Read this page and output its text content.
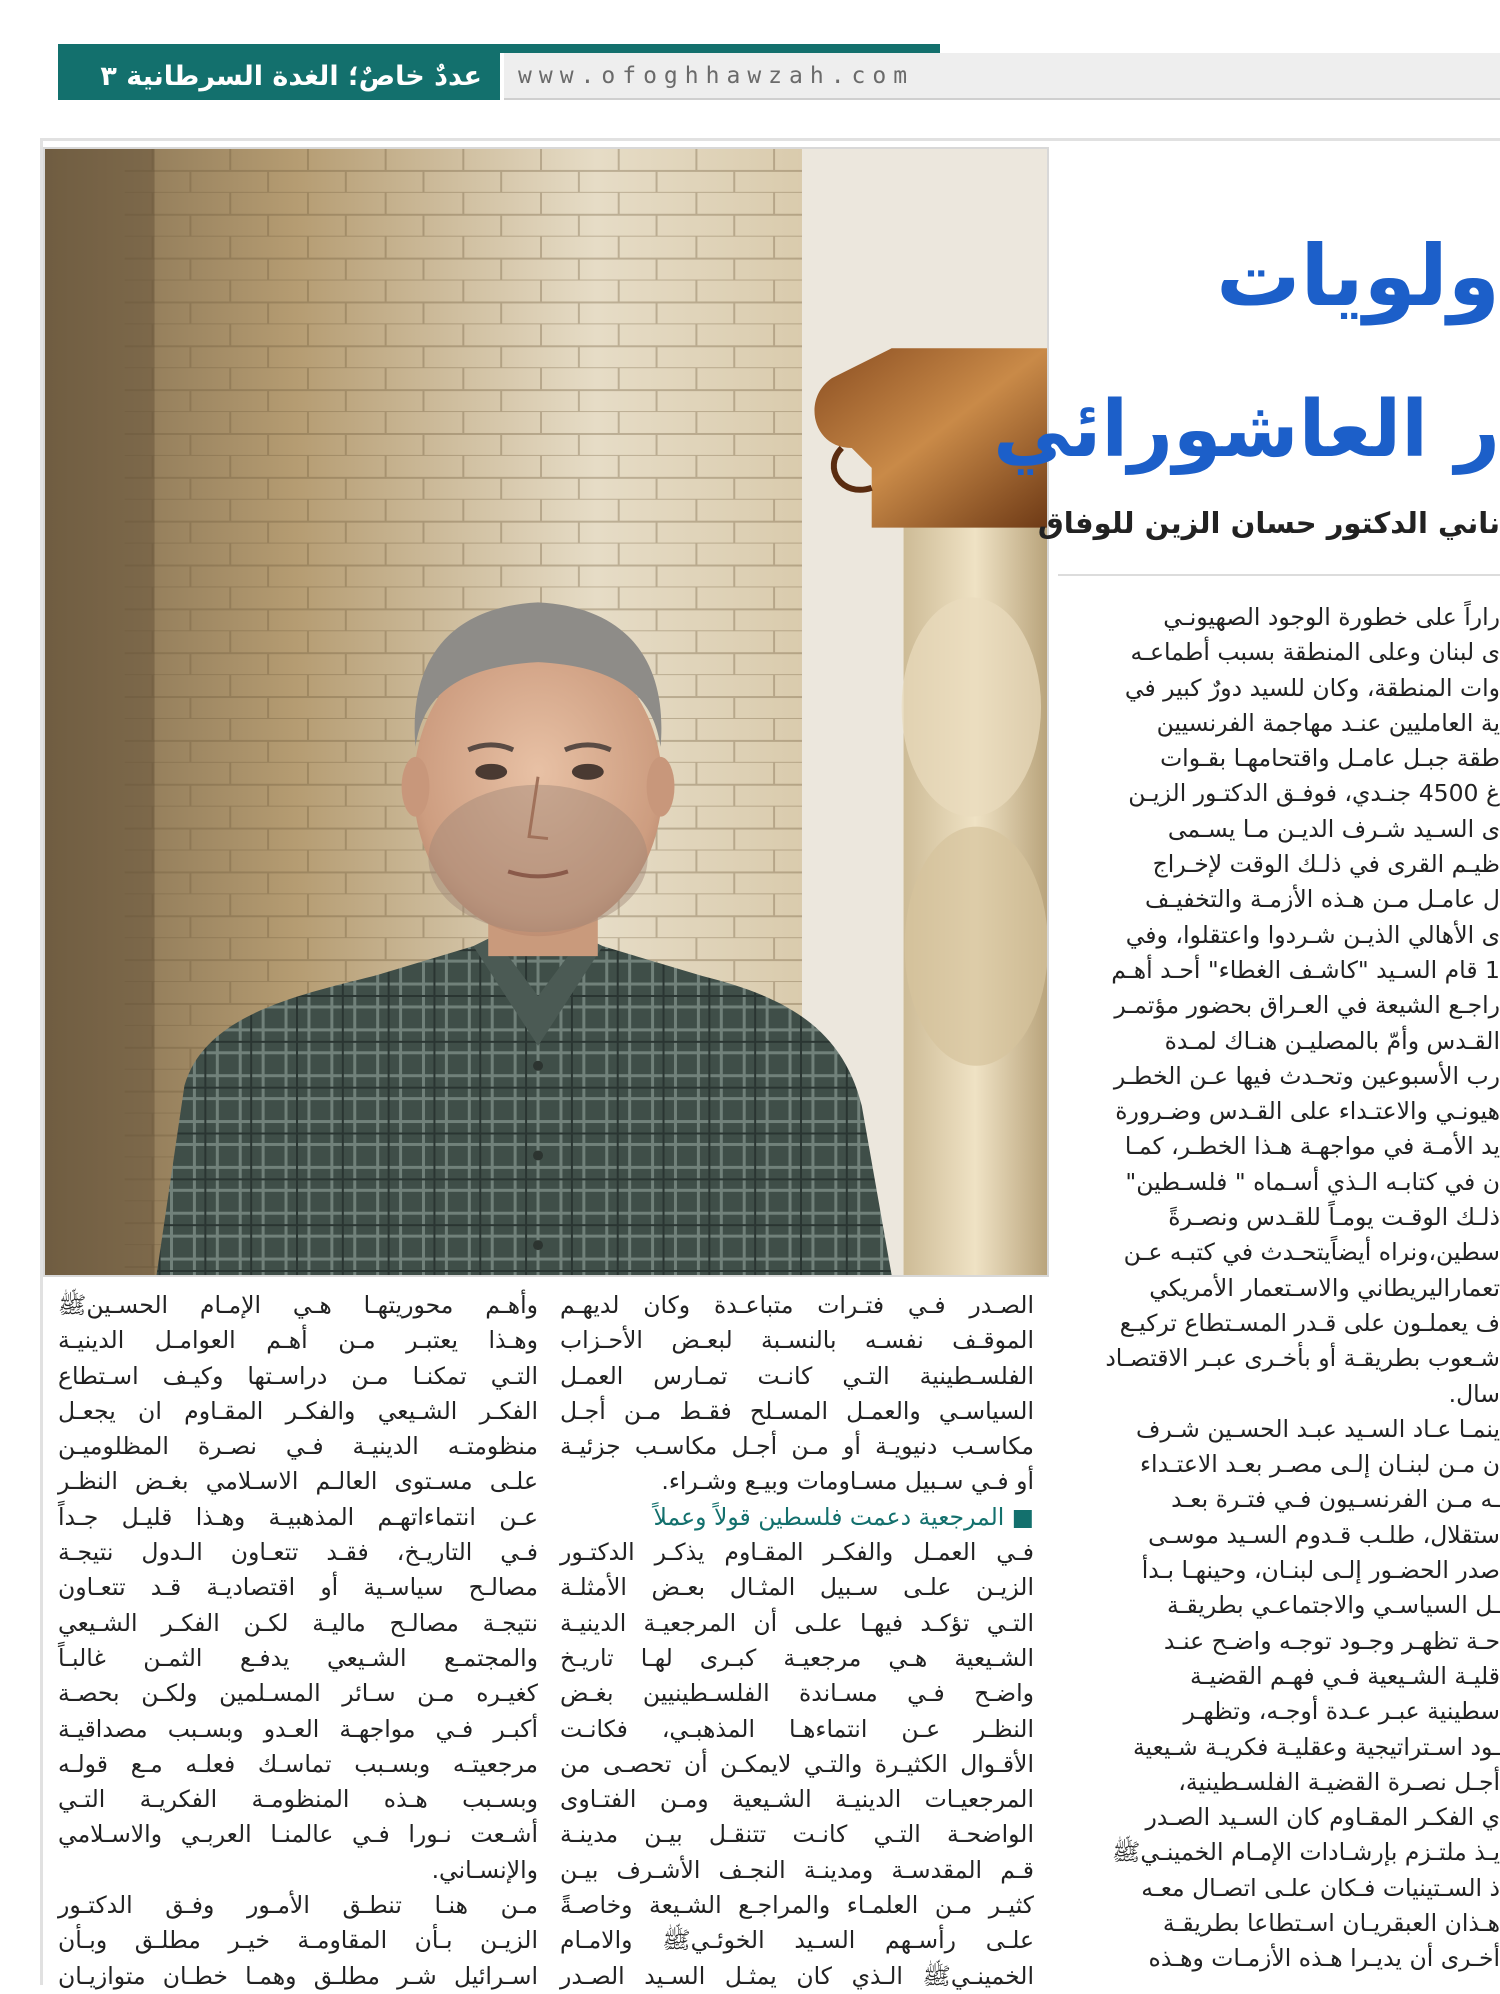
عددٌ خاصٌ؛ الغدة السرطانية ٣	www.ofoghhawzah.com
ولويات
ر العاشورائي
ناني الدكتور حسان الزين للوفاق
راراً على خطورة الوجود الصهيونـي
ى لبنان وعلى المنطقة بسبب أطماعـه
وات المنطقة، وكان للسيد دورٌ كبير في
ية العامليين عنـد مهاجمة الفرنسيين
طقة جبـل عامـل واقتحامهـا بقـوات
غ 4500 جنـدي، فوفـق الدكتـور الزيـن
ى السـيد شـرف الديـن مـا يسـمى
ظيـم القرى في ذلـك الوقت لإخـراج
ل عامـل مـن هـذه الأزمـة والتخفيـف
ى الأهالي الذيـن شـردوا واعتقلوا، وفي
1 قام السـيد "كاشـف الغطاء" أحـد أهـم
راجـع الشيعة في العـراق بحضور مؤتمـر
القـدس وأمّ بالمصليـن هنـاك لمـدة
رب الأسبوعين وتحـدث فيها عـن الخطـر
هيونـي والاعتـداء على القـدس وضـرورة
يد الأمـة في مواجهـة هـذا الخطـر، كمـا
ن في كتابـه الـذي أسـماه " فلسـطين"
ذلـك الوقـت يومـاً للقـدس ونصـرةً
سطين،ونراه أيضاًيتحـدث في كتبـه عـن
تعماراليريطاني والاسـتعمار الأمريكي
ف يعملـون على قـدر المسـتطاع تركيـع
شـعوب بطريقـة أو بأخـرى عبـر الاقتصـاد
سال.
ينمـا عـاد السـيد عبـد الحسـين شـرف
ن مـن لبنـان إلـى مصـر بعـد الاعتـداء
ـه مـن الفرنسـيون فـي فتـرة بعـد
ستقلال، طلـب قـدوم السـيد موسـى
صدر الحضـور إلـى لبنـان، وحينهـا بـدأ
ـل السياسـي والاجتماعـي بطريقـة
حـة تظهـر وجـود توجـه واضـح عنـد
قليـة الشـيعية فـي فهـم القضيـة
سطينية عبـر عـدة أوجـه، وتظهـر
ـود اسـتراتيجية وعقليـة فكريـة شـيعية
أجـل نصـرة القضيـة الفلسـطينية،
ي الفكـر المقـاوم كان السـيد الصـدر
يـذ ملتـزم بإرشـادات الإمـام الخمينـيﷺ
ذ السـتينيات فـكان علـى اتصـال معـه
هـذان العبقريـان اسـتطاعا بطريقـة
أخـرى أن يديـرا هـذه الأزمـات وهـذه
الصـدر فـي فتـرات متباعـدة وكان لديهـم
الموقـف نفسـه بالنسـبة لبعـض الأحـزاب
الفلسـطينية التـي كانـت تمـارس العمـل
السياسـي والعمـل المسـلح فقـط مـن أجـل
مكاسـب دنيويـة أو مـن أجـل مكاسـب جزئيـة
أو فـي سـبيل مسـاومات وبيـع وشـراء.
■ المرجعية دعمت فلسطين قولاً وعملاً
فـي العمـل والفكـر المقـاوم يذكـر الدكتـور
الزيـن علـى سـبيل المثـال بعـض الأمثلـة
التـي تؤكـد فيهـا علـى أن المرجعيـة الدينيـة
الشـيعية هـي مرجعيـة كبـرى لهـا تاريـخ
واضـح فـي مسـاندة الفلسـطينيين بغـض
النظـر عـن انتماءهـا المذهبـي، فكانـت
الأقـوال الكثيـرة والتـي لايمكـن أن تحصـى من
المرجعيـات الدينيـة الشـيعية ومـن الفتـاوى
الواضحـة التـي كانـت تتنقـل بيـن مدينـة
قـم المقدسـة ومدينـة النجـف الأشـرف بيـن
كثيـر مـن العلمـاء والمراجـع الشـيعة وخاصـةً
علـى رأسـهم السـيد الخوئـيﷺ والامـام
الخمينـيﷺ الـذي كان يمثـل السـيد الصـدر
وأهـم محوريتهـا هـي الإمـام الحسـينﷺ
وهـذا يعتبـر مـن أهـم العوامـل الدينيـة
التـي تمكنـا مـن دراسـتها وكيـف اسـتطاع
الفكـر الشـيعي والفكـر المقـاوم ان يجعـل
منظومتـه الدينيـة فـي نصـرة المظلوميـن
علـى مسـتوى العالـم الاسـلامي بغـض النظـر
عـن انتماءاتهـم المذهبيـة وهـذا قليـل جـداً
فـي التاريـخ، فقـد تتعـاون الـدول نتيجـة
مصالـح سياسـية أو اقتصاديـة قـد تتعـاون
نتيجـة مصالـح ماليـة لكـن الفكـر الشـيعي
والمجتمـع الشـيعي يدفـع الثمـن غالبـاً
كغيـره مـن سـائر المسـلمين ولكـن بحصـة
أكبـر فـي مواجهـة العـدو وبسـبب مصداقيـة
مرجعيتـه وبسـبب تماسـك فعلـه مـع قولـه
وبسـبب هـذه المنظومـة الفكريـة التـي
أشـعت نـورا فـي عالمنـا العربـي والاسـلامي
والإنسـاني.
مـن هنـا تنطـق الأمـور وفـق الدكتـور
الزيـن بـأن المقاومـة خيـر مطلـق وبـأن
اسـرائيل شـر مطلـق وهمـا خطـان متوازيـان
